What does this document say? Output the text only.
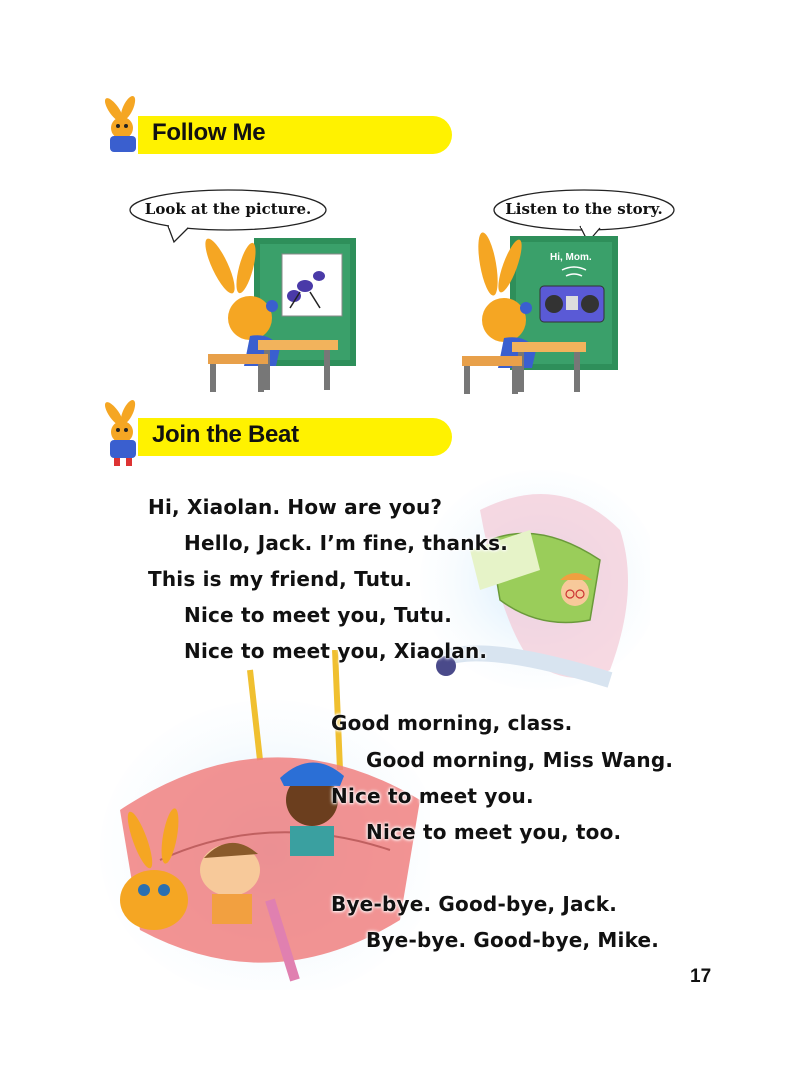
Follow Me
Look at the picture.	Listen to the story.
Hi, Mom.
Join the Beat
Hi, Xiaolan. How are you?
Hello, Jack. I’m fine, thanks.
This is my friend, Tutu.
Nice to meet you, Tutu.
Nice to meet you, Xiaolan.
Good morning, class.
Good morning, Miss Wang.
Nice to meet you.
Nice to meet you, too.
Bye-bye. Good-bye, Jack.
Bye-bye. Good-bye, Mike.
17
